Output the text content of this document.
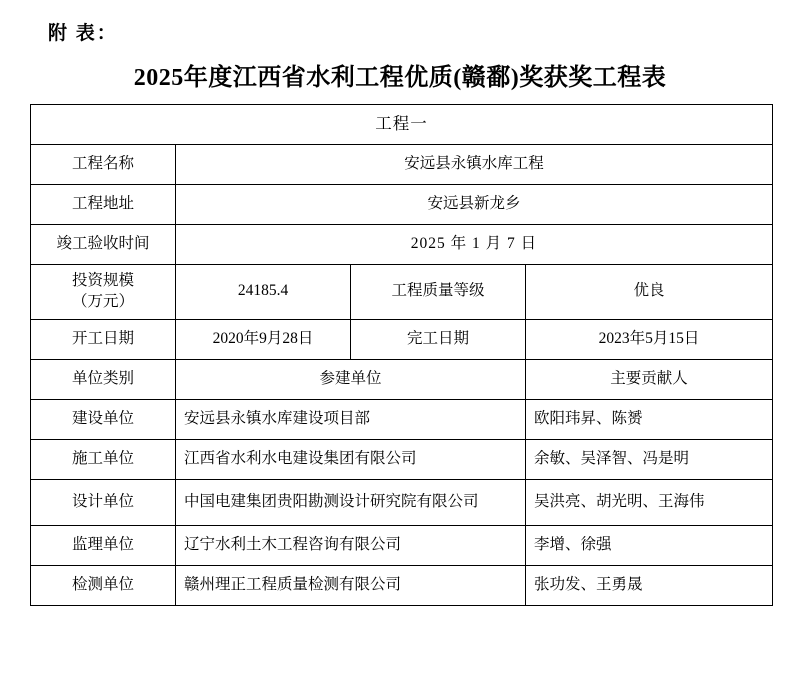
附 表：
2025年度江西省水利工程优质(赣鄱)奖获奖工程表
工程一			
工程名称	安远县永镇水库工程		
工程地址	安远县新龙乡		
竣工验收时间	2025 年 1 月 7 日		

投资规模
（万元）	24185.4	工程质量等级	优良
开工日期	2020年9月28日	完工日期	2023年5月15日
单位类别	参建单位		主要贡献人
建设单位	安远县永镇水库建设项目部		欧阳玮昇、陈赟
施工单位	江西省水利水电建设集团有限公司		余敏、吴泽智、冯是明
设计单位	中国电建集团贵阳勘测设计研究院有限公司		吴洪亮、胡光明、王海伟
监理单位	辽宁水利土木工程咨询有限公司		李增、徐强
检测单位	赣州理正工程质量检测有限公司		张功发、王勇晟
